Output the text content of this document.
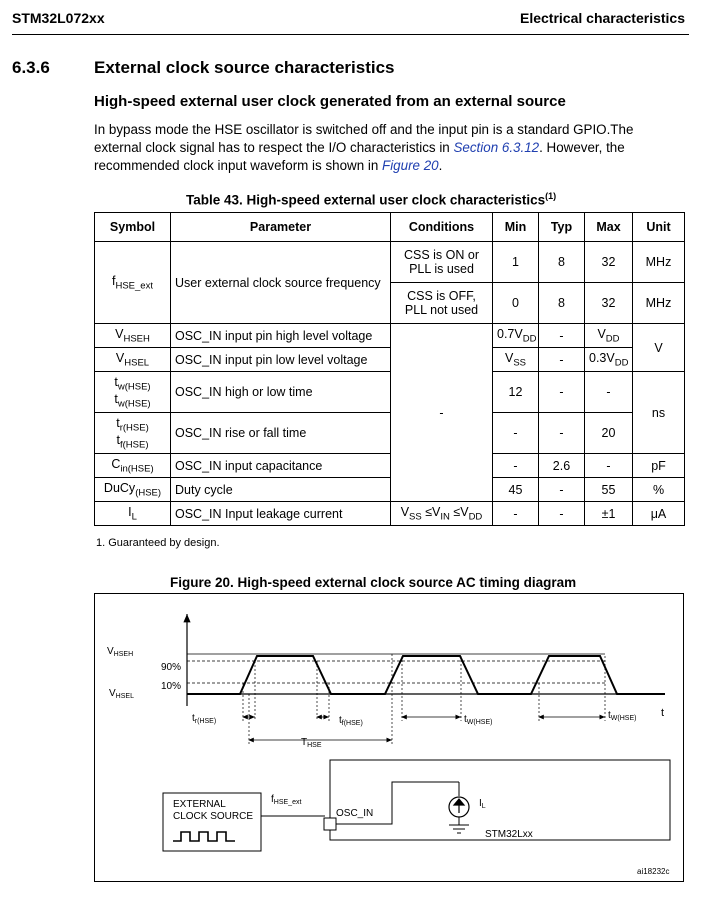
STM32L072xx	Electrical characteristics
6.3.6	External clock source characteristics
High-speed external user clock generated from an external source
In bypass mode the HSE oscillator is switched off and the input pin is a standard GPIO.The external clock signal has to respect the I/O characteristics in Section 6.3.12. However, the recommended clock input waveform is shown in Figure 20.
Table 43. High-speed external user clock characteristics$^{(1)}$
Symbol	Parameter	Conditions	Min	Typ	Max	Unit
$f_{HSE\_ext}$	User external clock source frequency	CSS is ON or PLL is used	1	8	32	MHz
		CSS is OFF, PLL not used	0	8	32	MHz
$V_{HSEH}$	OSC_IN input pin high level voltage	-	$0.7V_{DD}$	-	$V_{DD}$	V
$V_{HSEL}$	OSC_IN input pin low level voltage		$V_{SS}$	-	$0.3V_{DD}$
$t_{w(HSE)}$
$t_{w(HSE)}$	OSC_IN high or low time		12	-	-	ns
$t_{r(HSE)}$
$t_{f(HSE)}$	OSC_IN rise or fall time		-	-	20	
$C_{in(HSE)}$	OSC_IN input capacitance		-	2.6	-	pF
DuCy$_{(HSE)}$	Duty cycle		45	-	55	%
$I_L$	OSC_IN Input leakage current	$V_{SS} \le V_{IN} \le V_{DD}$	-	-	±1	μA
1. Guaranteed by design.
Figure 20. High-speed external clock source AC timing diagram
$V_{HSEH}$
$V_{HSEL}$
90%
10%
$t_{r(HSE)}$	$t_{f(HSE)}$	$t_{W(HSE)}$
$t_{W(HSE)}$ t
$T_{HSE}$
EXTERNAL
CLOCK SOURCE
$f_{HSE\_ext}$
OSC_IN
$I_L$
STM32Lxx
ai18232c
